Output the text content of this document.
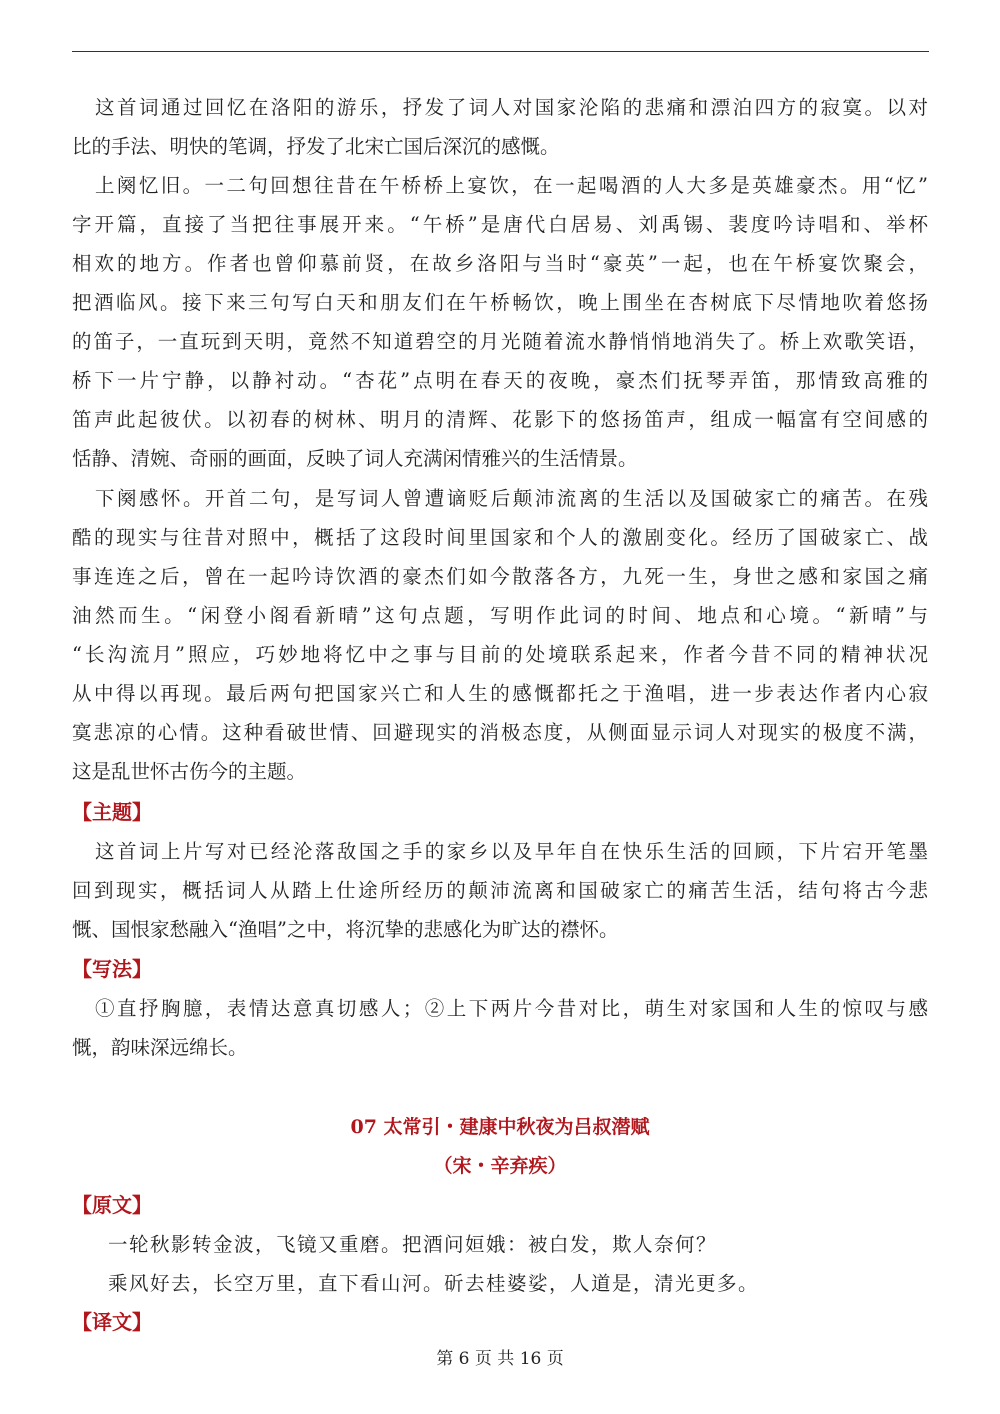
这首词通过回忆在洛阳的游乐，抒发了词人对国家沦陷的悲痛和漂泊四方的寂寞。以对
比的手法、明快的笔调，抒发了北宋亡国后深沉的感慨。
上阕忆旧。一二句回想往昔在午桥桥上宴饮，在一起喝酒的人大多是英雄豪杰。用“忆”
字开篇，直接了当把往事展开来。“午桥”是唐代白居易、刘禹锡、裴度吟诗唱和、举杯
相欢的地方。作者也曾仰慕前贤，在故乡洛阳与当时“豪英”一起，也在午桥宴饮聚会，
把酒临风。接下来三句写白天和朋友们在午桥畅饮，晚上围坐在杏树底下尽情地吹着悠扬
的笛子，一直玩到天明，竟然不知道碧空的月光随着流水静悄悄地消失了。桥上欢歌笑语，
桥下一片宁静，以静衬动。“杏花”点明在春天的夜晚，豪杰们抚琴弄笛，那情致高雅的
笛声此起彼伏。以初春的树林、明月的清辉、花影下的悠扬笛声，组成一幅富有空间感的
恬静、清婉、奇丽的画面，反映了词人充满闲情雅兴的生活情景。
下阕感怀。开首二句，是写词人曾遭谪贬后颠沛流离的生活以及国破家亡的痛苦。在残
酷的现实与往昔对照中，概括了这段时间里国家和个人的激剧变化。经历了国破家亡、战
事连连之后，曾在一起吟诗饮酒的豪杰们如今散落各方，九死一生，身世之感和家国之痛
油然而生。“闲登小阁看新晴”这句点题，写明作此词的时间、地点和心境。“新晴”与
“长沟流月”照应，巧妙地将忆中之事与目前的处境联系起来，作者今昔不同的精神状况
从中得以再现。最后两句把国家兴亡和人生的感慨都托之于渔唱，进一步表达作者内心寂
寞悲凉的心情。这种看破世情、回避现实的消极态度，从侧面显示词人对现实的极度不满，
这是乱世怀古伤今的主题。
这首词上片写对已经沦落敌国之手的家乡以及早年自在快乐生活的回顾，下片宕开笔墨
回到现实，概括词人从踏上仕途所经历的颠沛流离和国破家亡的痛苦生活，结句将古今悲
慨、国恨家愁融入“渔唱”之中，将沉挚的悲感化为旷达的襟怀。
①直抒胸臆，表情达意真切感人；②上下两片今昔对比，萌生对家国和人生的惊叹与感
慨，韵味深远绵长。
【主题】
【写法】
07 太常引・建康中秋夜为吕叔潜赋
（宋・辛弃疾）
【原文】
一轮秋影转金波，飞镜又重磨。把酒问姮娥：被白发，欺人奈何？
乘风好去，长空万里，直下看山河。斫去桂婆娑，人道是，清光更多。
【译文】
第 6 页 共 16 页
